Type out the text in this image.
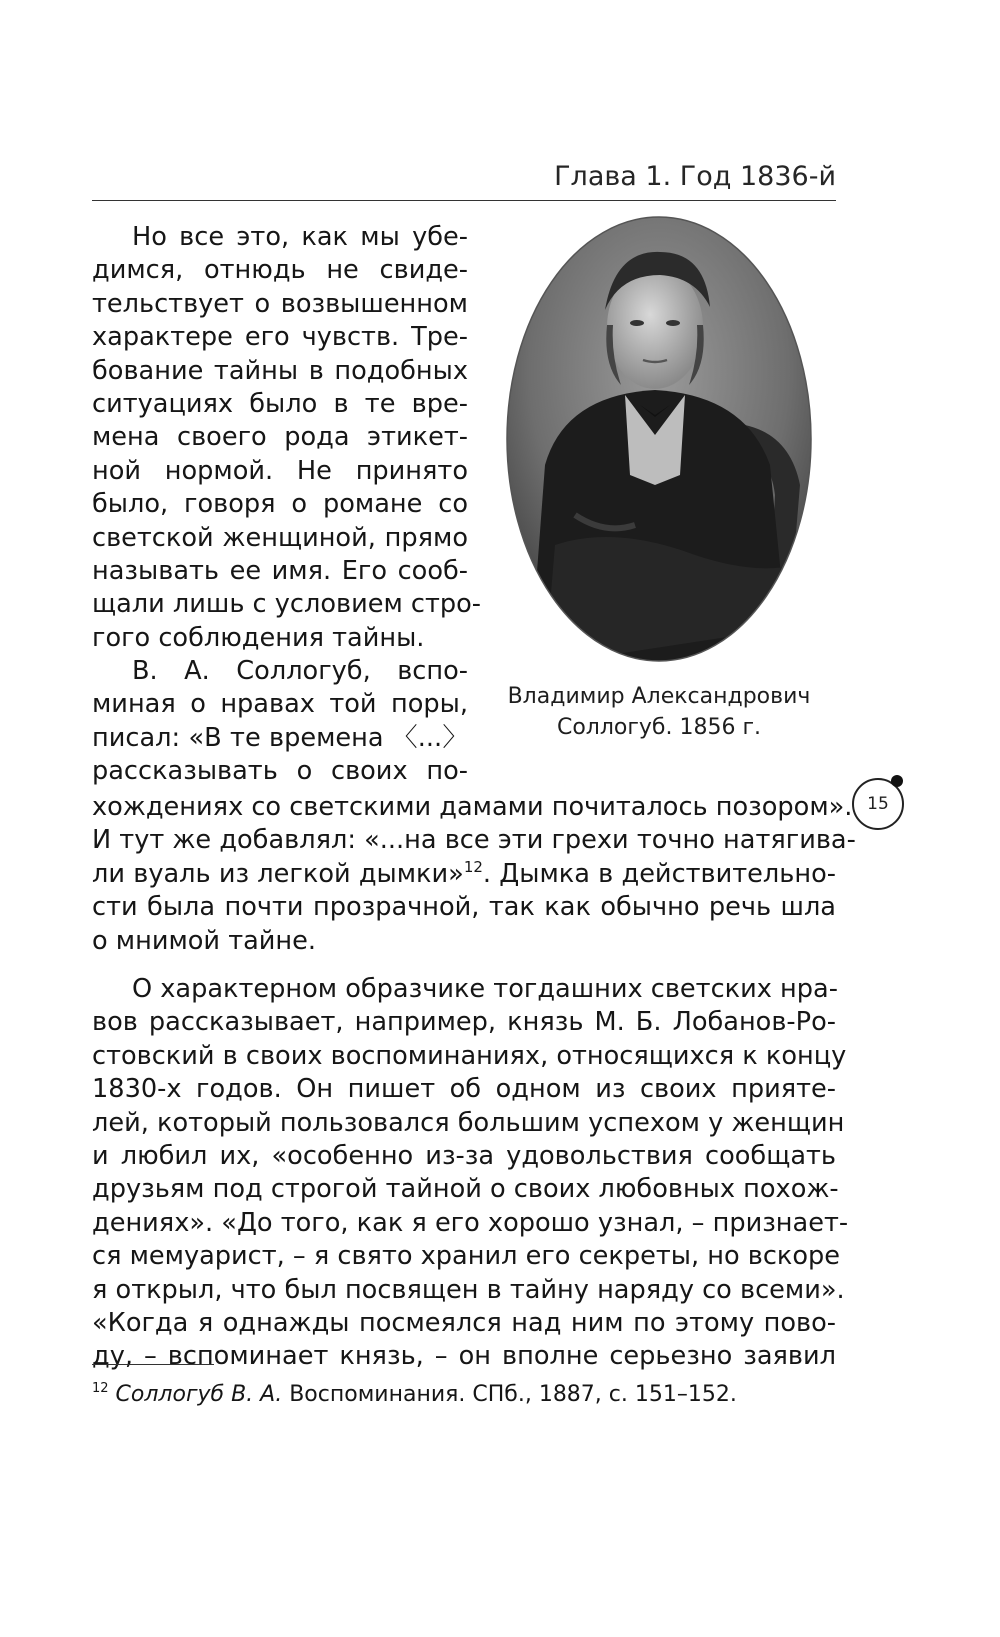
Глава 1. Год 1836-й
Но все это, как мы убе-
димся, отнюдь не свиде-
тельствует о возвышенном
характере его чувств. Тре-
бование тайны в подобных
ситуациях было в те вре-
мена своего рода этикет-
ной нормой. Не принято
было, говоря о романе со
светской женщиной, прямо
называть ее имя. Его сооб-
щали лишь с условием стро-
гого соблюдения тайны.
В. А. Соллогуб, вспо-
миная о нравах той поры,
писал: «В те времена 〈...〉
рассказывать о своих по-
Владимир Александрович
Соллогуб. 1856 г.
15
хождениях со светскими дамами почиталось позором».
И тут же добавлял: «...на все эти грехи точно натягива-
ли вуаль из легкой дымки»$^{12}$. Дымка в действительно-
сти была почти прозрачной, так как обычно речь шла
о мнимой тайне.
О характерном образчике тогдашних светских нра-
вов рассказывает, например, князь М. Б. Лобанов-Ро-
стовский в своих воспоминаниях, относящихся к концу
1830-х годов. Он пишет об одном из своих прияте-
лей, который пользовался большим успехом у женщин
и любил их, «особенно из-за удовольствия сообщать
друзьям под строгой тайной о своих любовных похож-
дениях». «До того, как я его хорошо узнал, – признает-
ся мемуарист, – я свято хранил его секреты, но вскоре
я открыл, что был посвящен в тайну наряду со всеми».
«Когда я однажды посмеялся над ним по этому пово-
ду, – вспоминает князь, – он вполне серьезно заявил
$^{12}$ Соллогуб В. А. Воспоминания. СПб., 1887, с. 151–152.
